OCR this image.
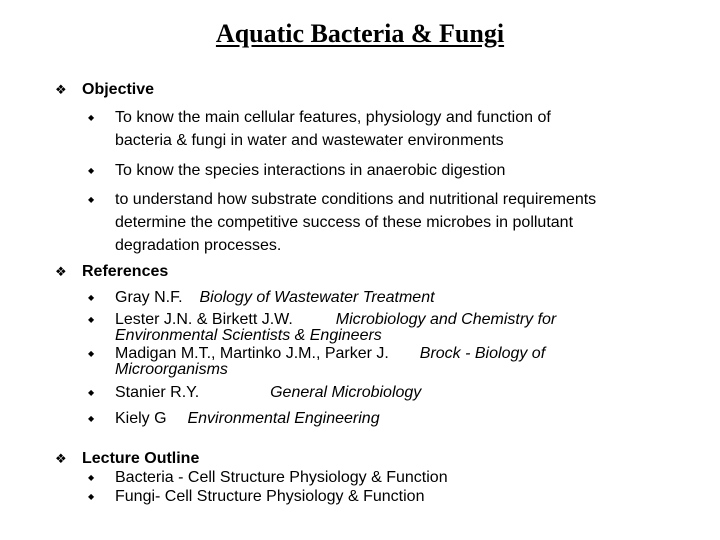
Aquatic Bacteria & Fungi
❖ Objective
◆ To know the main cellular features, physiology and function of
bacteria & fungi in water and wastewater environments
◆ To know the species interactions in anaerobic digestion
◆ to understand how substrate conditions and nutritional requirements
determine the competitive success of these microbes in pollutant
degradation processes.
❖ References
◆ Gray N.F. Biology of Wastewater Treatment
◆ Lester J.N. & Birkett J.W.	Microbiology and Chemistry for
Environmental Scientists & Engineers
◆ Madigan M.T., Martinko J.M., Parker J. Brock - Biology of
Microorganisms
◆ Stanier R.Y.	General Microbiology
◆ Kiely G Environmental Engineering
❖ Lecture Outline
◆ Bacteria - Cell Structure Physiology & Function
◆ Fungi- Cell Structure Physiology & Function
